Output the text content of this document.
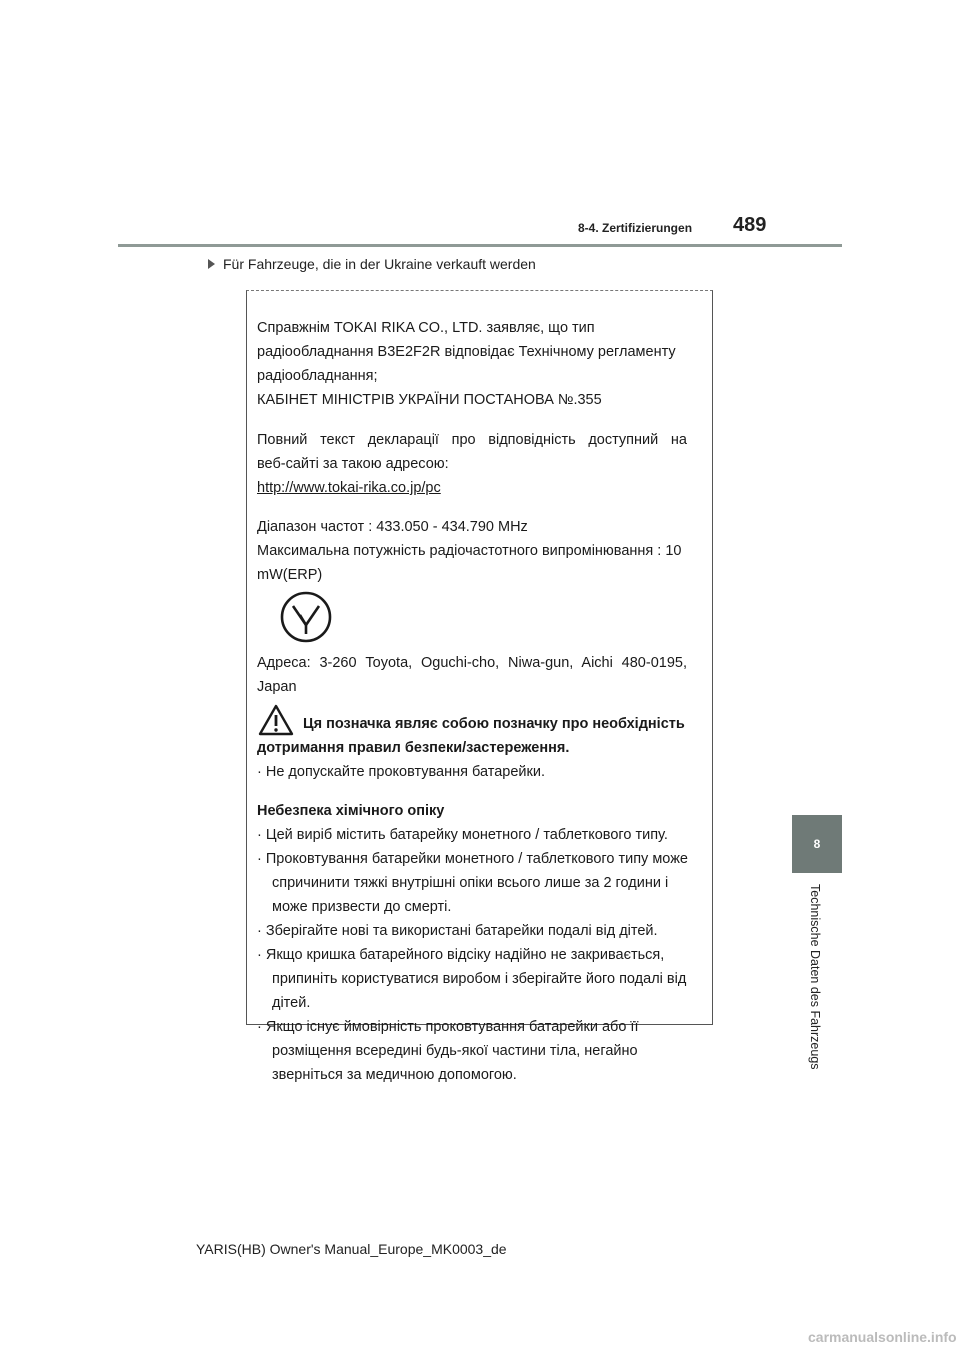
8-4. Zertifizierungen 489
Für Fahrzeuge, die in der Ukraine verkauft werden
Справжнім TOKAI RIKA CO., LTD. заявляє, що тип
радіообладнання B3E2F2R відповідає Технічному регламенту
радіообладнання;
КАБІНЕТ МІНІСТРІВ УКРАЇНИ ПОСТАНОВА №.355
Повний текст декларації про відповідність доступний на
веб-сайті за такою адресою:
http://www.tokai-rika.co.jp/pc
Діапазон частот : 433.050 - 434.790 MHz
Максимальна потужність радіочастотного випромінювання : 10
mW(ERP)
Адреса: 3-260 Toyota, Oguchi-cho, Niwa-gun, Aichi 480-0195,
Japan
Ця позначка являє собою позначку про необхідність
дотримання правил безпеки/застереження.
· Не допускайте проковтування батарейки.
Небезпека хімічного опіку
· Цей виріб містить батарейку монетного / таблеткового типу.
· Проковтування батарейки монетного / таблеткового типу може
спричинити тяжкі внутрішні опіки всього лише за 2 години і
може призвести до смерті.
· Зберігайте нові та використані батарейки подалі від дітей.
· Якщо кришка батарейного відсіку надійно не закривається,
припиніть користуватися виробом і зберігайте його подалі від
дітей.
· Якщо існує ймовірність проковтування батарейки або її
розміщення всередині будь-якої частини тіла, негайно
зверніться за медичною допомогою.
8
Technische Daten des Fahrzeugs
YARIS(HB) Owner's Manual_Europe_MK0003_de
carmanualsonline.info
